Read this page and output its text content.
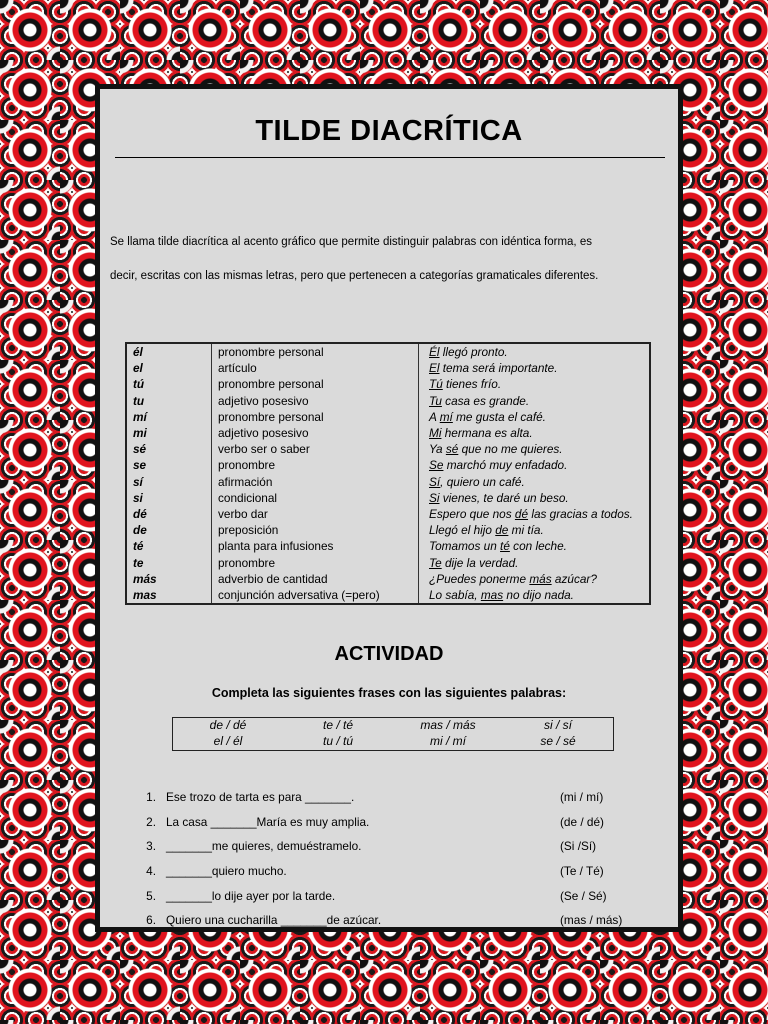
TILDE DIACRÍTICA

Se llama tilde diacrítica al acento gráfico que permite distinguir palabras con idéntica forma, es

decir, escritas con las mismas letras, pero que pertenecen a categorías gramaticales diferentes.

él	pronombre personal	Él llegó pronto.
el	artículo	El tema será importante.
tú	pronombre personal	Tú tienes frío.
tu	adjetivo posesivo	Tu casa es grande.
mí	pronombre personal	A mí me gusta el café.
mi	adjetivo posesivo	Mi hermana es alta.
sé	verbo ser o saber	Ya sé que no me quieres.
se	pronombre	Se marchó muy enfadado.
sí	afirmación	Sí, quiero un café.
si	condicional	Si vienes, te daré un beso.
dé	verbo dar	Espero que nos dé las gracias a todos.
de	preposición	Llegó el hijo de mi tía.
té	planta para infusiones	Tomamos un té con leche.
te	pronombre	Te dije la verdad.
más	adverbio de cantidad	¿Puedes ponerme más azúcar?
mas	conjunción adversativa (=pero)	Lo sabía, mas no dijo nada.
ACTIVIDAD
Completa las siguientes frases con las siguientes palabras:
de / dé	te / té	mas / más	si / sí
el / él	tu / tú	mi / mí	se / sé
1. Ese trozo de tarta es para _______.	(mi / mí)
2. La casa _______María es muy amplia.	(de / dé)
3. _______me quieres, demuéstramelo.	(Si /Sí)
4. _______quiero mucho.	(Te / Té)
5. _______lo dije ayer por la tarde.	(Se / Sé)
6. Quiero una cucharilla _______de azúcar.	(mas / más)
